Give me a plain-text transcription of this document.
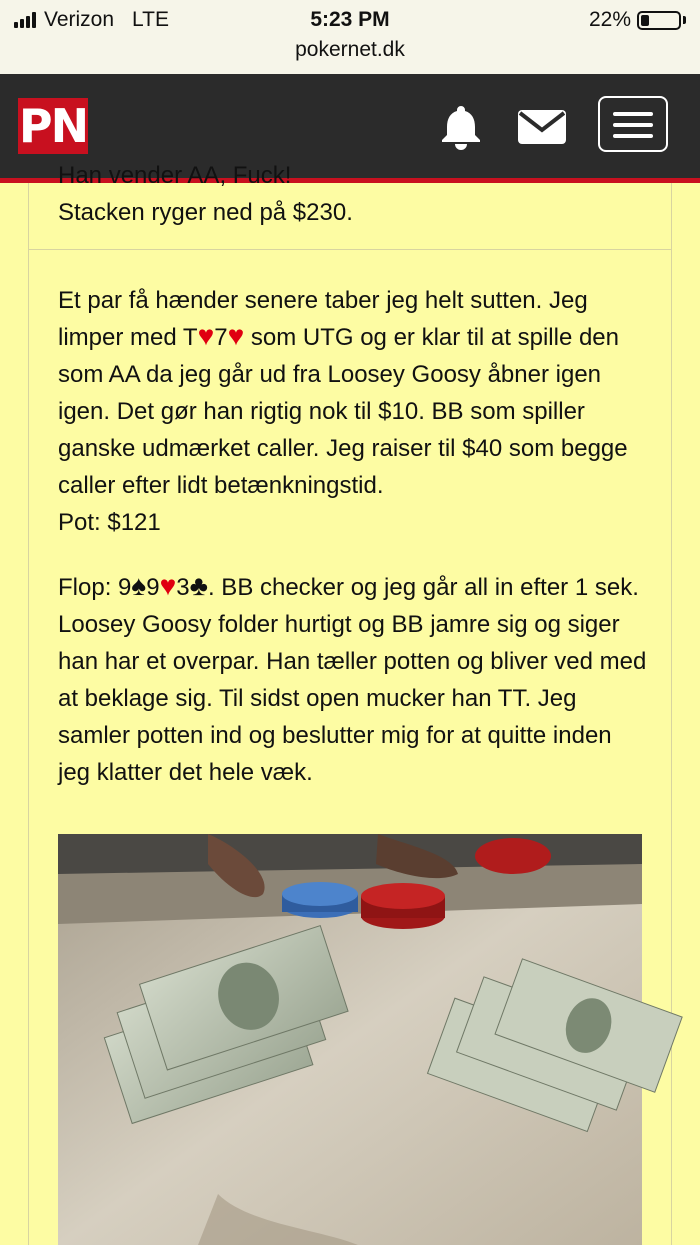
Verizon LTE	5:23 PM
pokernet.dk
22%
PN
Han vender AA, Fuck!
Stacken ryger ned på $230.
Et par få hænder senere taber jeg helt sutten. Jeg limper med T♥7♥ som UTG og er klar til at spille den som AA da jeg går ud fra Loosey Goosy åbner igen igen. Det gør han rigtig nok til $10. BB som spiller ganske udmærket caller. Jeg raiser til $40 som begge caller efter lidt betænkningstid.
Pot: $121
Flop: 9♠9♥3♣. BB checker og jeg går all in efter 1 sek. Loosey Goosy folder hurtigt og BB jamre sig og siger han har et overpar. Han tæller potten og bliver ved med at beklage sig. Til sidst open mucker han TT. Jeg samler potten ind og beslutter mig for at quitte inden jeg klatter det hele væk.
